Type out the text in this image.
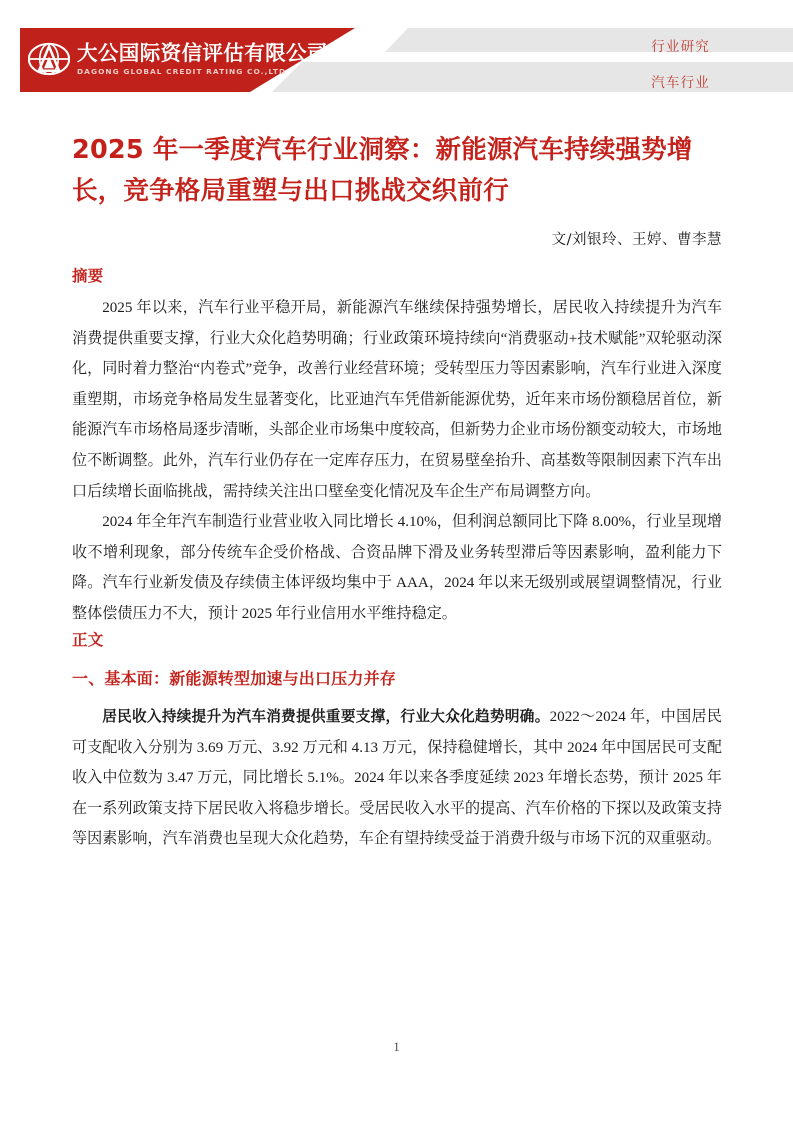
大公国际资信评估有限公司
DAGONG GLOBAL CREDIT RATING CO.,LTD
行业研究
汽车行业
2025 年一季度汽车行业洞察：新能源汽车持续强势增长，竞争格局重塑与出口挑战交织前行
文/刘银玲、王婷、曹李慧
摘要

2025 年以来，汽车行业平稳开局，新能源汽车继续保持强势增长，居民收入持续提升为汽车消费提供重要支撑，行业大众化趋势明确；行业政策环境持续向“消费驱动+技术赋能”双轮驱动深化，同时着力整治“内卷式”竞争，改善行业经营环境；受转型压力等因素影响，汽车行业进入深度重塑期，市场竞争格局发生显著变化，比亚迪汽车凭借新能源优势，近年来市场份额稳居首位，新能源汽车市场格局逐步清晰，头部企业市场集中度较高，但新势力企业市场份额变动较大，市场地位不断调整。此外，汽车行业仍存在一定库存压力，在贸易壁垒抬升、高基数等限制因素下汽车出口后续增长面临挑战，需持续关注出口壁垒变化情况及车企生产布局调整方向。

2024 年全年汽车制造行业营业收入同比增长 4.10%，但利润总额同比下降 8.00%，行业呈现增收不增利现象，部分传统车企受价格战、合资品牌下滑及业务转型滞后等因素影响，盈利能力下降。汽车行业新发债及存续债主体评级均集中于 AAA，2024 年以来无级别或展望调整情况，行业整体偿债压力不大，预计 2025 年行业信用水平维持稳定。

正文
一、基本面：新能源转型加速与出口压力并存

居民收入持续提升为汽车消费提供重要支撑，行业大众化趋势明确。2022～2024 年，中国居民可支配收入分别为 3.69 万元、3.92 万元和 4.13 万元，保持稳健增长，其中 2024 年中国居民可支配收入中位数为 3.47 万元，同比增长 5.1%。2024 年以来各季度延续 2023 年增长态势，预计 2025 年在一系列政策支持下居民收入将稳步增长。受居民收入水平的提高、汽车价格的下探以及政策支持等因素影响，汽车消费也呈现大众化趋势，车企有望持续受益于消费升级与市场下沉的双重驱动。

1
